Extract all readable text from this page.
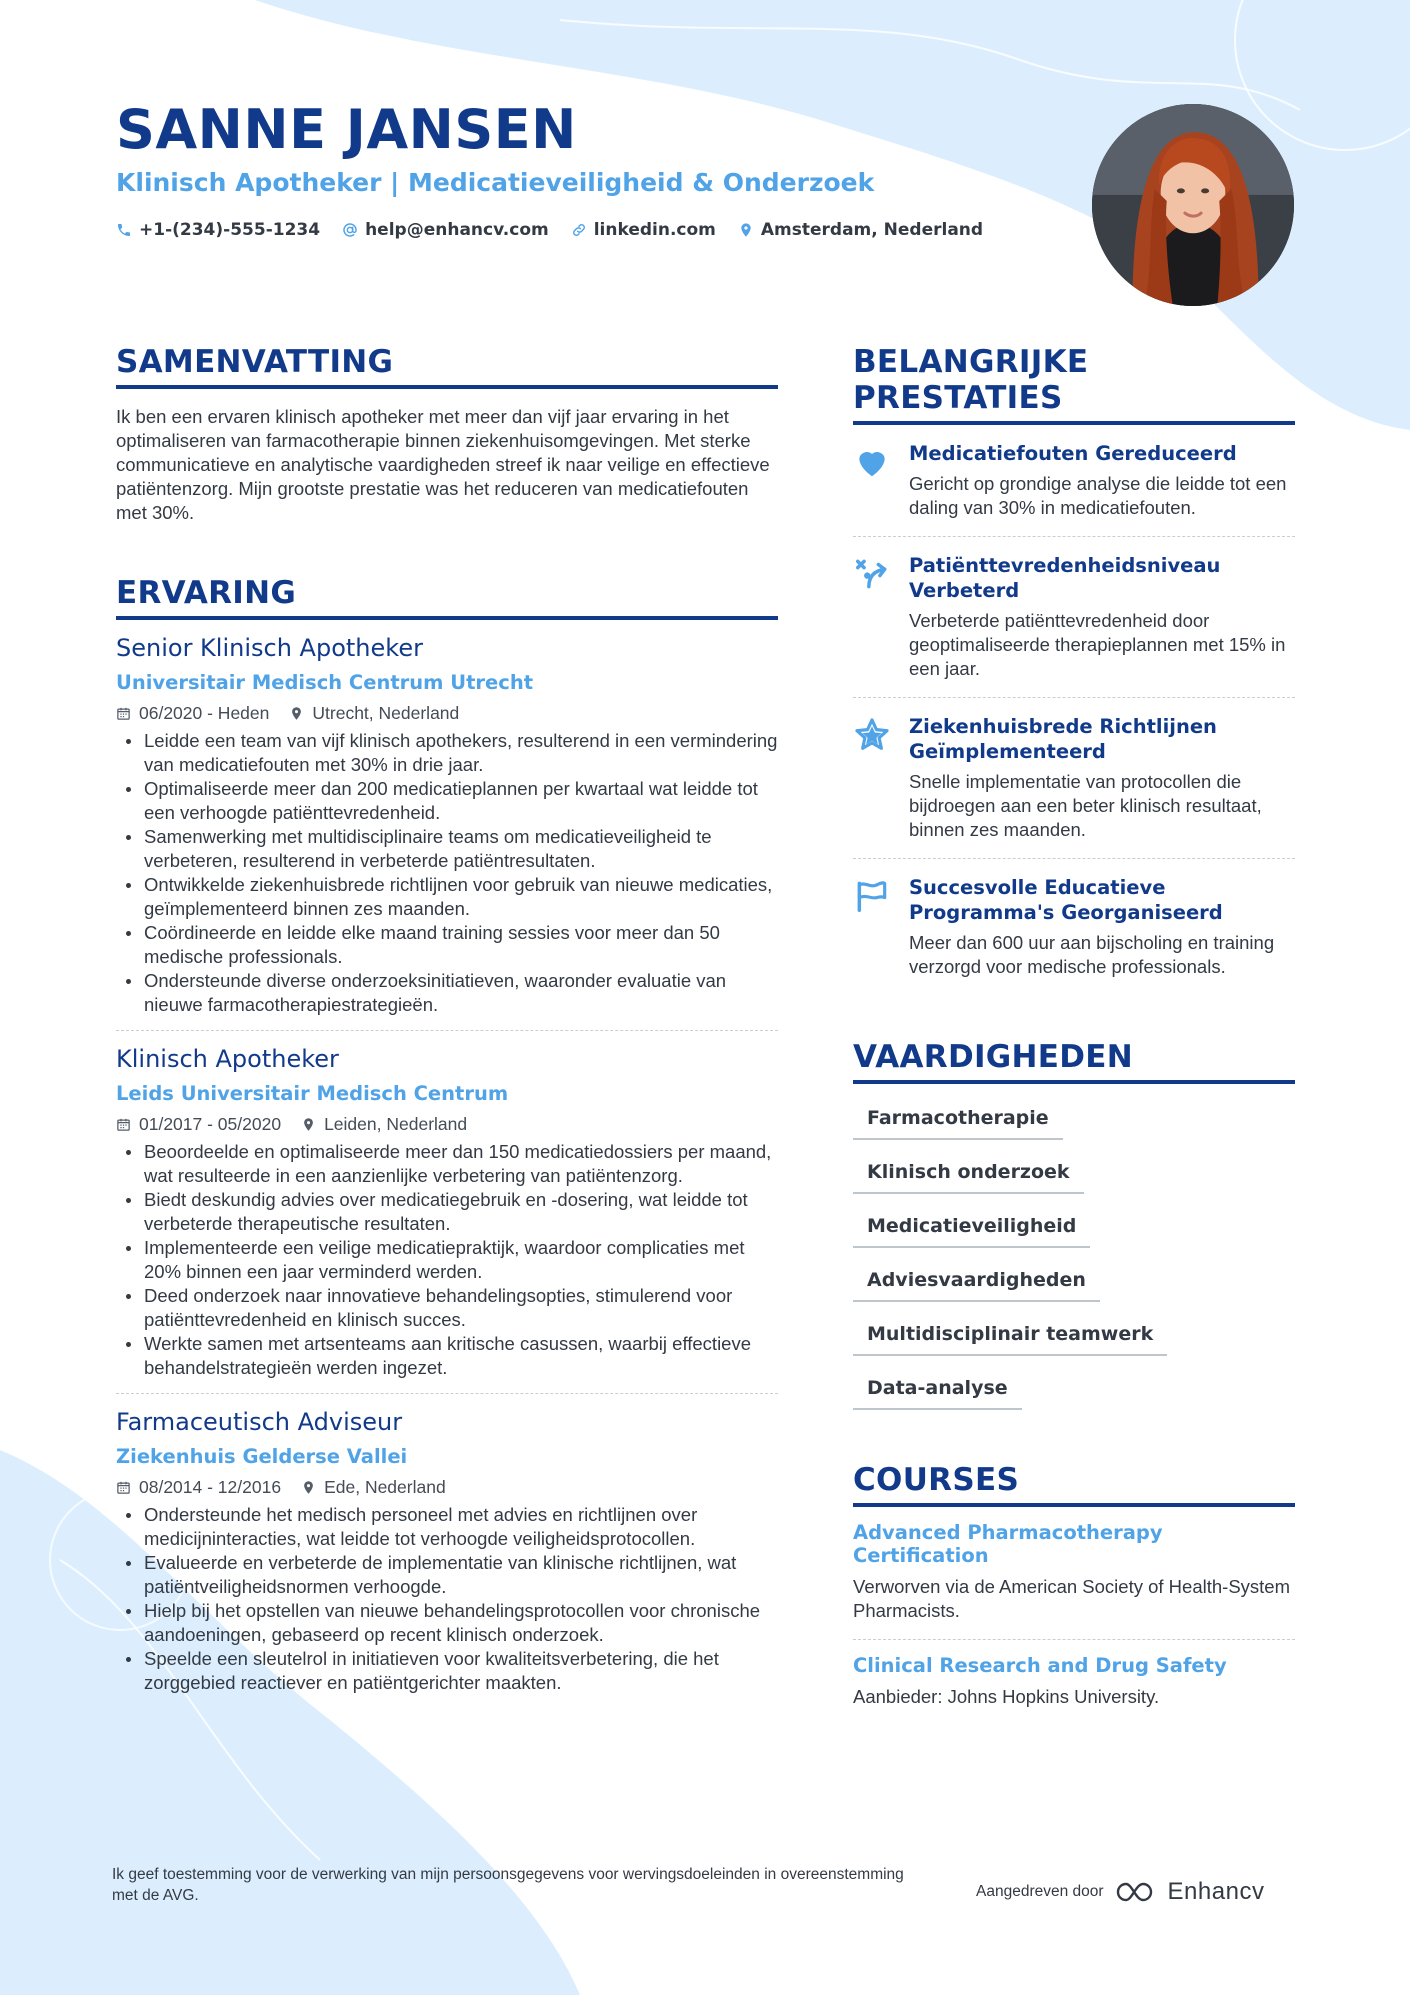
SANNE JANSEN
Klinisch Apotheker | Medicatieveiligheid & Onderzoek
+1-(234)-555-1234	help@enhancv.com	linkedin.com	Amsterdam, Nederland
SAMENVATTING

Ik ben een ervaren klinisch apotheker met meer dan vijf jaar ervaring in het optimaliseren van farmacotherapie binnen ziekenhuisomgevingen. Met sterke communicatieve en analytische vaardigheden streef ik naar veilige en effectieve patiëntenzorg. Mijn grootste prestatie was het reduceren van medicatiefouten met 30%.

ERVARING
Senior Klinisch Apotheker
Universitair Medisch Centrum Utrecht
06/2020 - Heden Utrecht, Nederland
Leidde een team van vijf klinisch apothekers, resulterend in een vermindering van medicatiefouten met 30% in drie jaar.
Optimaliseerde meer dan 200 medicatieplannen per kwartaal wat leidde tot een verhoogde patiënttevredenheid.
Samenwerking met multidisciplinaire teams om medicatieveiligheid te verbeteren, resulterend in verbeterde patiëntresultaten.
Ontwikkelde ziekenhuisbrede richtlijnen voor gebruik van nieuwe medicaties, geïmplementeerd binnen zes maanden.
Coördineerde en leidde elke maand training sessies voor meer dan 50 medische professionals.
Ondersteunde diverse onderzoeksinitiatieven, waaronder evaluatie van nieuwe farmacotherapiestrategieën.
Klinisch Apotheker
Leids Universitair Medisch Centrum
01/2017 - 05/2020 Leiden, Nederland
Beoordeelde en optimaliseerde meer dan 150 medicatiedossiers per maand, wat resulteerde in een aanzienlijke verbetering van patiëntenzorg.
Biedt deskundig advies over medicatiegebruik en -dosering, wat leidde tot verbeterde therapeutische resultaten.
Implementeerde een veilige medicatiepraktijk, waardoor complicaties met 20% binnen een jaar verminderd werden.
Deed onderzoek naar innovatieve behandelingsopties, stimulerend voor patiënttevredenheid en klinisch succes.
Werkte samen met artsenteams aan kritische casussen, waarbij effectieve behandelstrategieën werden ingezet.
Farmaceutisch Adviseur
Ziekenhuis Gelderse Vallei
08/2014 - 12/2016 Ede, Nederland
Ondersteunde het medisch personeel met advies en richtlijnen over medicijninteracties, wat leidde tot verhoogde veiligheidsprotocollen.
Evalueerde en verbeterde de implementatie van klinische richtlijnen, wat patiëntveiligheidsnormen verhoogde.
Hielp bij het opstellen van nieuwe behandelingsprotocollen voor chronische aandoeningen, gebaseerd op recent klinisch onderzoek.
Speelde een sleutelrol in initiatieven voor kwaliteitsverbetering, die het zorggebied reactiever en patiëntgerichter maakten.
BELANGRIJKE PRESTATIES
Medicatiefouten Gereduceerd
Gericht op grondige analyse die leidde tot een daling van 30% in medicatiefouten.
Patiënttevredenheidsniveau Verbeterd
Verbeterde patiënttevredenheid door geoptimaliseerde therapieplannen met 15% in een jaar.
Ziekenhuisbrede Richtlijnen Geïmplementeerd
Snelle implementatie van protocollen die bijdroegen aan een beter klinisch resultaat, binnen zes maanden.
Succesvolle Educatieve Programma's Georganiseerd
Meer dan 600 uur aan bijscholing en training verzorgd voor medische professionals.
VAARDIGHEDEN
Farmacotherapie
Klinisch onderzoek
Medicatieveiligheid
Adviesvaardigheden
Multidisciplinair teamwerk
Data-analyse
COURSES
Advanced Pharmacotherapy Certification
Verworven via de American Society of Health-System Pharmacists.
Clinical Research and Drug Safety
Aanbieder: Johns Hopkins University.
Ik geef toestemming voor de verwerking van mijn persoonsgegevens voor wervingsdoeleinden in overeenstemming met de AVG.	Aangedreven door	Enhancv
